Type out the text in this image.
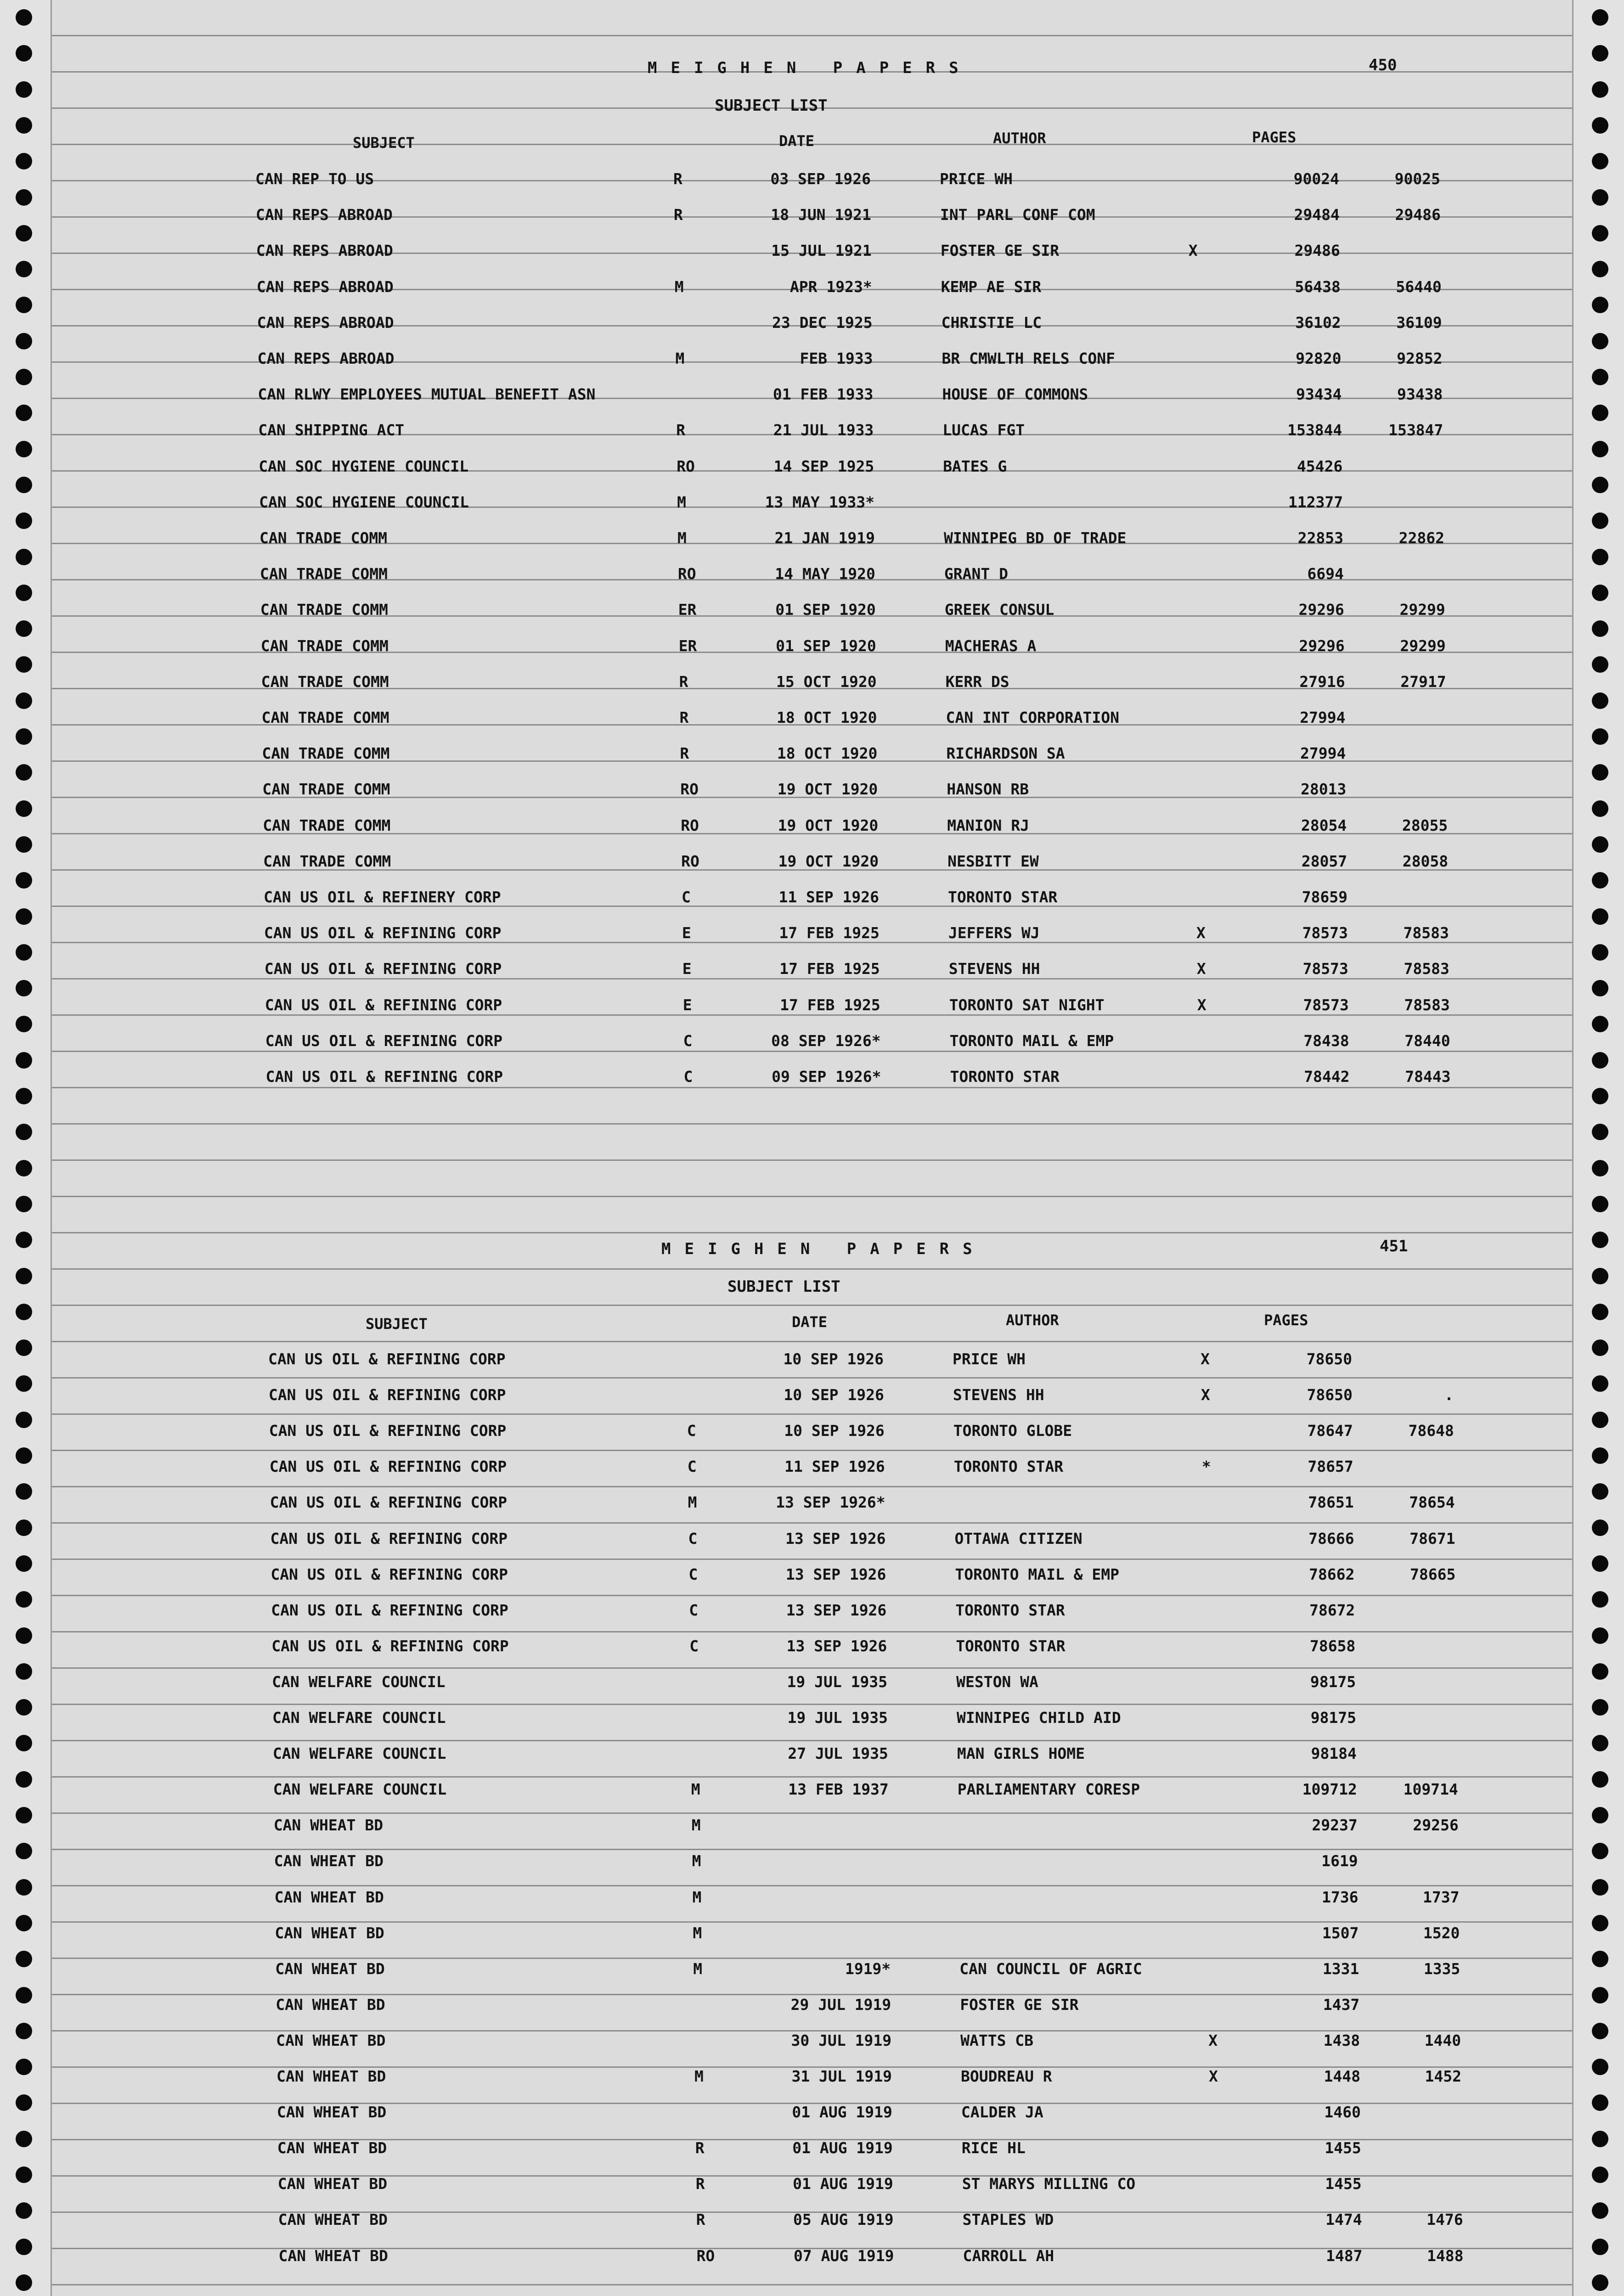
MEIGHEN PAPERS	450
SUBJECT LIST
SUBJECT	DATE	AUTHOR	PAGES
CAN REP TO US	R	03 SEP 1926	PRICE WH	90024	90025
CAN REPS ABROAD	R	18 JUN 1921	INT PARL CONF COM	29484	29486
CAN REPS ABROAD	15 JUL 1921	FOSTER GE SIR	X	29486
CAN REPS ABROAD	M	APR 1923*	KEMP AE SIR	56438	56440
CAN REPS ABROAD	23 DEC 1925	CHRISTIE LC	36102	36109
CAN REPS ABROAD	M	FEB 1933	BR CMWLTH RELS CONF	92820	92852
CAN RLWY EMPLOYEES MUTUAL BENEFIT ASN	01 FEB 1933	HOUSE OF COMMONS	93434	93438
CAN SHIPPING ACT	R	21 JUL 1933	LUCAS FGT	153844	153847
CAN SOC HYGIENE COUNCIL	RO	14 SEP 1925	BATES G	45426
CAN SOC HYGIENE COUNCIL	M	13 MAY 1933*	112377
CAN TRADE COMM	M	21 JAN 1919	WINNIPEG BD OF TRADE	22853	22862
CAN TRADE COMM	RO	14 MAY 1920	GRANT D	6694
CAN TRADE COMM	ER	01 SEP 1920	GREEK CONSUL	29296	29299
CAN TRADE COMM	ER	01 SEP 1920	MACHERAS A	29296	29299
CAN TRADE COMM	R	15 OCT 1920	KERR DS	27916	27917
CAN TRADE COMM	R	18 OCT 1920	CAN INT CORPORATION	27994
CAN TRADE COMM	R	18 OCT 1920	RICHARDSON SA	27994
CAN TRADE COMM	RO	19 OCT 1920	HANSON RB	28013
CAN TRADE COMM	RO	19 OCT 1920	MANION RJ	28054	28055
CAN TRADE COMM	RO	19 OCT 1920	NESBITT EW	28057	28058
CAN US OIL & REFINERY CORP	C	11 SEP 1926	TORONTO STAR	78659
CAN US OIL & REFINING CORP	E	17 FEB 1925	JEFFERS WJ	X	78573	78583
CAN US OIL & REFINING CORP	E	17 FEB 1925	STEVENS HH	X	78573	78583
CAN US OIL & REFINING CORP	E	17 FEB 1925	TORONTO SAT NIGHT	X	78573	78583
CAN US OIL & REFINING CORP	C	08 SEP 1926*	TORONTO MAIL & EMP	78438	78440
CAN US OIL & REFINING CORP	C	09 SEP 1926*	TORONTO STAR	78442	78443
MEIGHEN PAPERS	451
SUBJECT LIST
SUBJECT	DATE	AUTHOR	PAGES
CAN US OIL & REFINING CORP	10 SEP 1926	PRICE WH	X	78650
CAN US OIL & REFINING CORP	10 SEP 1926	STEVENS HH	X	78650	.
CAN US OIL & REFINING CORP	C	10 SEP 1926	TORONTO GLOBE	78647	78648
CAN US OIL & REFINING CORP	C	11 SEP 1926	TORONTO STAR	*	78657
CAN US OIL & REFINING CORP	M	13 SEP 1926*	78651	78654
CAN US OIL & REFINING CORP	C	13 SEP 1926	OTTAWA CITIZEN	78666	78671
CAN US OIL & REFINING CORP	C	13 SEP 1926	TORONTO MAIL & EMP	78662	78665
CAN US OIL & REFINING CORP	C	13 SEP 1926	TORONTO STAR	78672
CAN US OIL & REFINING CORP	C	13 SEP 1926	TORONTO STAR	78658
CAN WELFARE COUNCIL	19 JUL 1935	WESTON WA	98175
CAN WELFARE COUNCIL	19 JUL 1935	WINNIPEG CHILD AID	98175
CAN WELFARE COUNCIL	27 JUL 1935	MAN GIRLS HOME	98184
CAN WELFARE COUNCIL	M	13 FEB 1937	PARLIAMENTARY CORESP	109712	109714
CAN WHEAT BD	M	29237	29256
CAN WHEAT BD	M	1619
CAN WHEAT BD	M	1736	1737
CAN WHEAT BD	M	1507	1520
CAN WHEAT BD	M	1919*	CAN COUNCIL OF AGRIC	1331	1335
CAN WHEAT BD	29 JUL 1919	FOSTER GE SIR	1437
CAN WHEAT BD	30 JUL 1919	WATTS CB	X	1438	1440
CAN WHEAT BD	M	31 JUL 1919	BOUDREAU R	X	1448	1452
CAN WHEAT BD	01 AUG 1919	CALDER JA	1460
CAN WHEAT BD	R	01 AUG 1919	RICE HL	1455
CAN WHEAT BD	R	01 AUG 1919	ST MARYS MILLING CO	1455
CAN WHEAT BD	R	05 AUG 1919	STAPLES WD	1474	1476
CAN WHEAT BD	RO	07 AUG 1919	CARROLL AH	1487	1488
